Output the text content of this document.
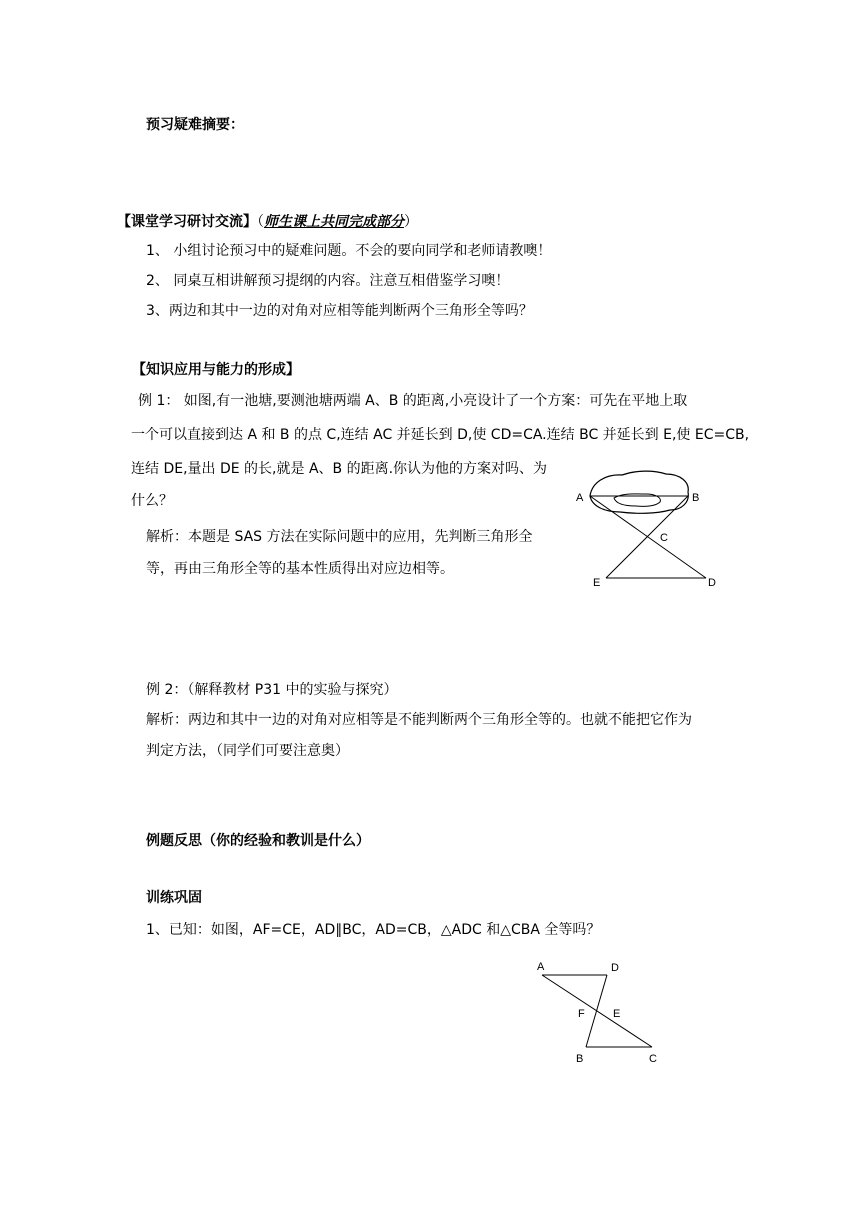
预习疑难摘要：
【课堂学习研讨交流】（师生课上共同完成部分）
1、 小组讨论预习中的疑难问题。不会的要向同学和老师请教噢！
2、 同桌互相讲解预习提纲的内容。注意互相借鉴学习噢！
3、两边和其中一边的对角对应相等能判断两个三角形全等吗？
【知识应用与能力的形成】
例 1： 如图,有一池塘,要测池塘两端 A、B 的距离,小亮设计了一个方案：可先在平地上取
一个可以直接到达 A 和 B 的点 C,连结 AC 并延长到 D,使 CD=CA.连结 BC 并延长到 E,使 EC=CB,
连结 DE,量出 DE 的长,就是 A、B 的距离.你认为他的方案对吗、为
什么？
解析：本题是 SAS 方法在实际问题中的应用，先判断三角形全
等，再由三角形全等的基本性质得出对应边相等。
A	B
C
D
E
例 2：（解释教材 P31 中的实验与探究）
解析：两边和其中一边的对角对应相等是不能判断两个三角形全等的。也就不能把它作为
判定方法，（同学们可要注意奥）
例题反思（你的经验和教训是什么）
训练巩固
1、已知：如图，AF=CE，AD∥BC，AD=CB，△ADC 和△CBA 全等吗？
A	D
F	E
B	C
